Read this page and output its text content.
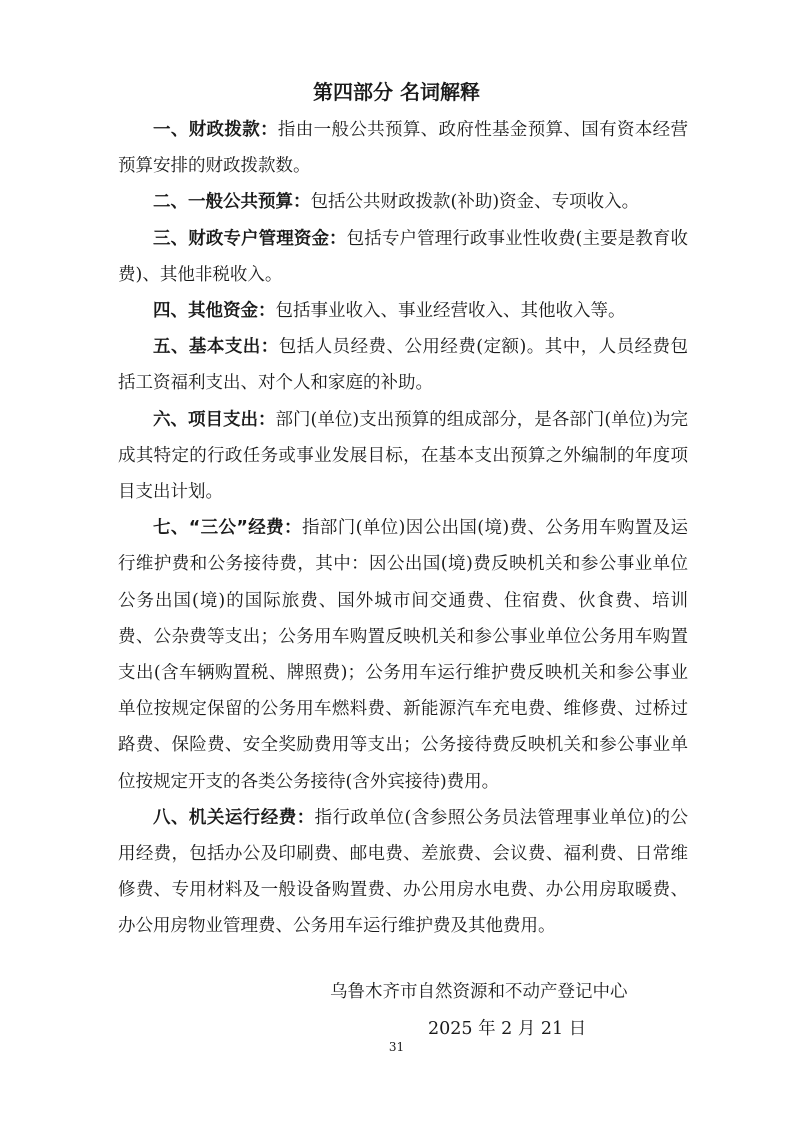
第四部分 名词解释

一、财政拨款：指由一般公共预算、政府性基金预算、国有资本经营预算安排的财政拨款数。

二、一般公共预算：包括公共财政拨款(补助)资金、专项收入。

三、财政专户管理资金：包括专户管理行政事业性收费(主要是教育收费)、其他非税收入。

四、其他资金：包括事业收入、事业经营收入、其他收入等。

五、基本支出：包括人员经费、公用经费(定额)。其中，人员经费包括工资福利支出、对个人和家庭的补助。

六、项目支出：部门(单位)支出预算的组成部分，是各部门(单位)为完成其特定的行政任务或事业发展目标，在基本支出预算之外编制的年度项目支出计划。

七、“三公”经费：指部门(单位)因公出国(境)费、公务用车购置及运行维护费和公务接待费，其中：因公出国(境)费反映机关和参公事业单位公务出国(境)的国际旅费、国外城市间交通费、住宿费、伙食费、培训费、公杂费等支出；公务用车购置反映机关和参公事业单位公务用车购置支出(含车辆购置税、牌照费)；公务用车运行维护费反映机关和参公事业单位按规定保留的公务用车燃料费、新能源汽车充电费、维修费、过桥过路费、保险费、安全奖励费用等支出；公务接待费反映机关和参公事业单位按规定开支的各类公务接待(含外宾接待)费用。

八、机关运行经费：指行政单位(含参照公务员法管理事业单位)的公用经费，包括办公及印刷费、邮电费、差旅费、会议费、福利费、日常维修费、专用材料及一般设备购置费、办公用房水电费、办公用房取暖费、办公用房物业管理费、公务用车运行维护费及其他费用。

乌鲁木齐市自然资源和不动产登记中心
2025 年 2 月 21 日
31
